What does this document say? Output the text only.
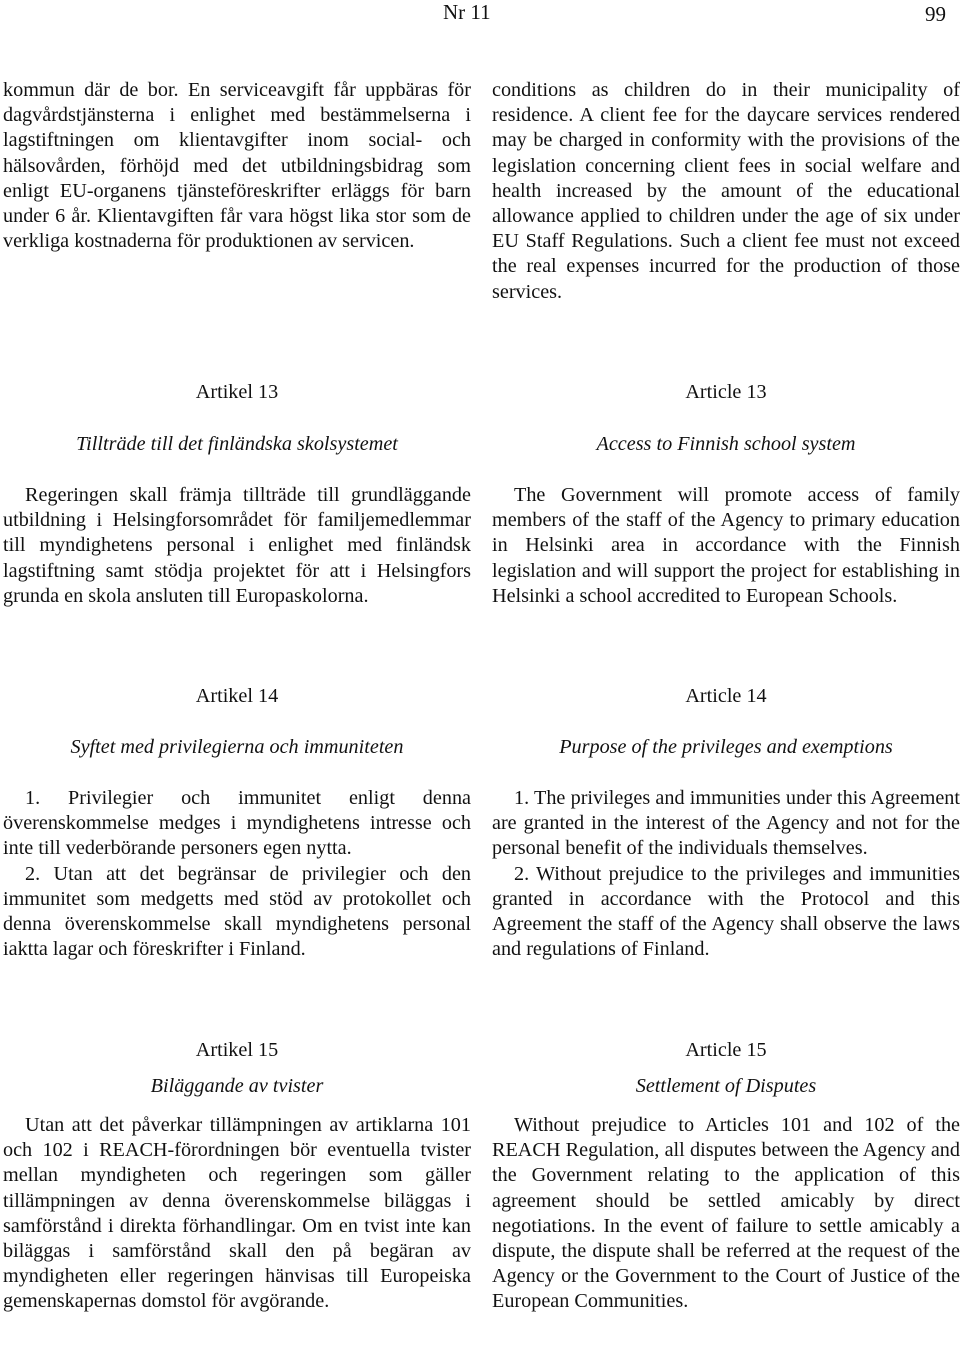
Nr 11	99

kommun där de bor. En serviceavgift får uppbäras för dagvårdstjänsterna i enlighet med bestämmelserna i lagstiftningen om klientavgifter inom social- och hälsovården, förhöjd med det utbildningsbidrag som enligt EU-organens tjänsteföreskrifter erläggs för barn under 6 år. Klientavgiften får vara högst lika stor som de verkliga kostnaderna för produktionen av servicen.

Artikel 13
Tillträde till det finländska skolsystemet

Regeringen skall främja tillträde till grundläggande utbildning i Helsingforsområdet för familjemedlemmar till myndighetens personal i enlighet med finländsk lagstiftning samt stödja projektet för att i Helsingfors grunda en skola ansluten till Europaskolorna.

Artikel 14
Syftet med privilegierna och immuniteten

1. Privilegier och immunitet enligt denna överenskommelse medges i myndighetens intresse och inte till vederbörande personers egen nytta.

2. Utan att det begränsar de privilegier och den immunitet som medgetts med stöd av protokollet och denna överenskommelse skall myndighetens personal iaktta lagar och föreskrifter i Finland.

Artikel 15
Biläggande av tvister

Utan att det påverkar tillämpningen av artiklarna 101 och 102 i REACH-förordningen bör eventuella tvister mellan myndigheten och regeringen som gäller tillämpningen av denna överenskommelse biläggas i samförstånd i direkta förhandlingar. Om en tvist inte kan biläggas i samförstånd skall den på begäran av myndigheten eller regeringen hänvisas till Europeiska gemenskapernas domstol för avgörande.

conditions as children do in their municipality of residence. A client fee for the daycare services rendered may be charged in conformity with the provisions of the legislation concerning client fees in social welfare and health increased by the amount of the educational allowance applied to children under the age of six under EU Staff Regulations. Such a client fee must not exceed the real expenses incurred for the production of those services.

Article 13
Access to Finnish school system

The Government will promote access of family members of the staff of the Agency to primary education in Helsinki area in accordance with the Finnish legislation and will support the project for establishing in Helsinki a school accredited to European Schools.

Article 14
Purpose of the privileges and exemptions

1. The privileges and immunities under this Agreement are granted in the interest of the Agency and not for the personal benefit of the individuals themselves.

2. Without prejudice to the privileges and immunities granted in accordance with the Protocol and this Agreement the staff of the Agency shall observe the laws and regulations of Finland.

Article 15
Settlement of Disputes

Without prejudice to Articles 101 and 102 of the REACH Regulation, all disputes between the Agency and the Government relating to the application of this agreement should be settled amicably by direct negotiations. In the event of failure to settle amicably a dispute, the dispute shall be referred at the request of the Agency or the Government to the Court of Justice of the European Communities.
